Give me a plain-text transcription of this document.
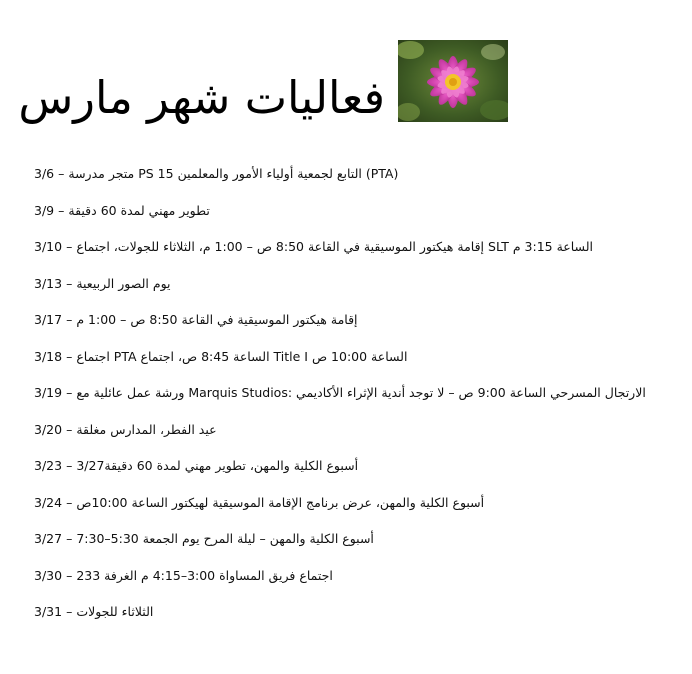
فعاليات شهر مارس
3/6 – (PTA) التابع لجمعية أولياء الأمور والمعلمين PS 15 متجر مدرسة
3/9 – تطوير مهني لمدة 60 دقيقة
3/10 – الساعة 3:15 م SLT إقامة هيكتور الموسيقية في القاعة 8:50 ص – 1:00 م، الثلاثاء للجولات، اجتماع
3/13 – يوم الصور الربيعية
3/17 – إقامة هيكتور الموسيقية في القاعة 8:50 ص – 1:00 م
3/18 – الساعة 10:00 ص Title I الساعة 8:45 ص، اجتماع PTA اجتماع
3/19 – الارتجال المسرحي الساعة 9:00 ص – لا توجد أندية الإثراء الأكاديمي :Marquis Studios ورشة عمل عائلية مع
3/20 – عيد الفطر، المدارس مغلقة
3/23 – أسبوع الكلية والمهن، تطوير مهني لمدة 60 دقيقة3/27
3/24 – أسبوع الكلية والمهن، عرض برنامج الإقامة الموسيقية لهيكتور الساعة 10:00ص
3/27 – أسبوع الكلية والمهن – ليلة المرح يوم الجمعة 5:30–7:30
3/30 – اجتماع فريق المساواة 3:00–4:15 م الغرفة 233
3/31 – الثلاثاء للجولات
